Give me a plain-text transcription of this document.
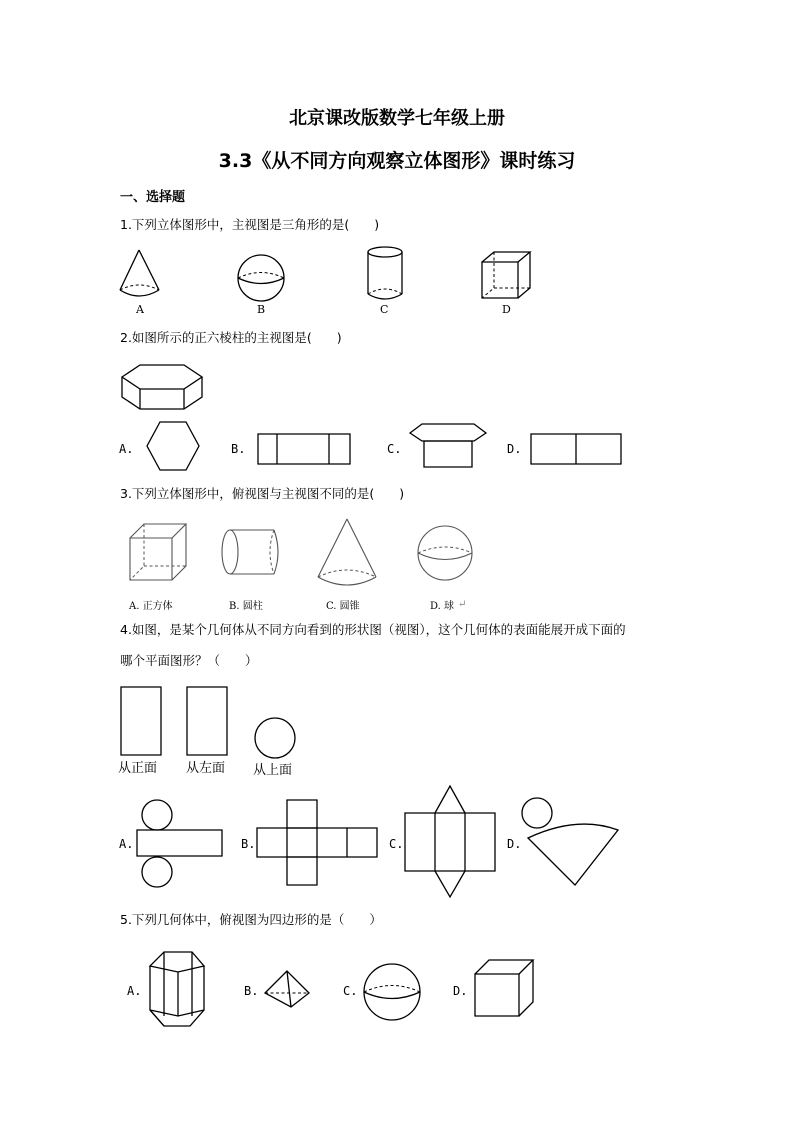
北京课改版数学七年级上册
3.3《从不同方向观察立体图形》课时练习
一、选择题
1.下列立体图形中，主视图是三角形的是(　　)
A	B	C	D
2.如图所示的正六棱柱的主视图是(　　)
A.	B.	C.	D.
3.下列立体图形中，俯视图与主视图不同的是(　　)
A. 正方体	B. 圆柱	C. 圆锥	D. 球 ↵
4.如图，是某个几何体从不同方向看到的形状图（视图），这个几何体的表面能展开成下面的
哪个平面图形？（　　）
从正面 从左面 从上面
A.	B.	C.	D.
5.下列几何体中，俯视图为四边形的是（　　）
A.	B.	C.	D.
